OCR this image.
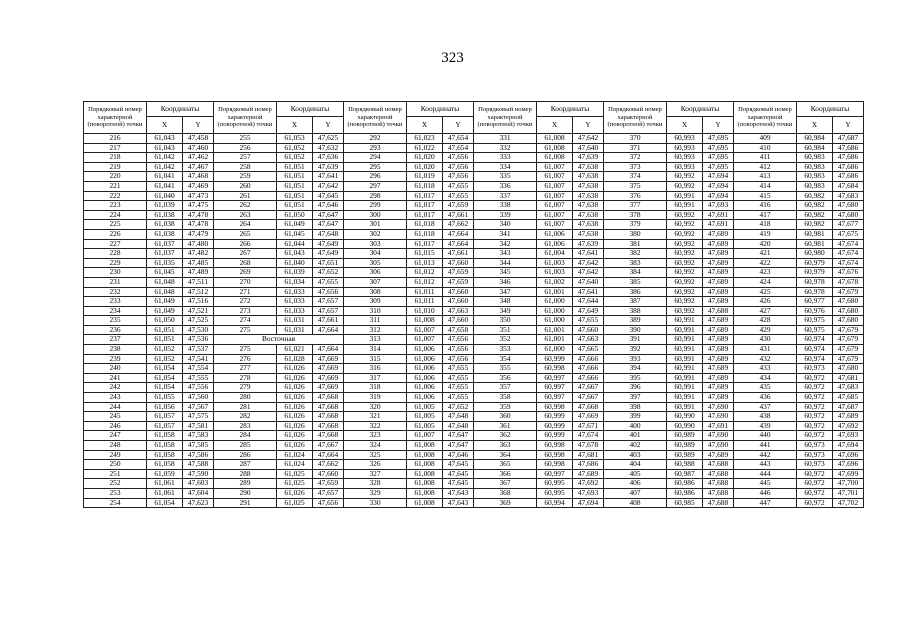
323
Порядковый номер характерной (поворотной) точки	Координаты		Порядковый номер характерной (поворотной) точки	Координаты		Порядковый номер характерной (поворотной) точки	Координаты		Порядковый номер характерной (поворотной) точки	Координаты		Порядковый номер характерной (поворотной) точки	Координаты		Порядковый номер характерной (поворотной) точки	Координаты	
	X	Y		X	Y		X	Y		X	Y		X	Y		X	Y
216	61,043	47,458	255	61,053	47,625	292	61,023	47,654	331	61,008	47,642	370	60,993	47,695	409	60,984	47,687
217	61,043	47,460	256	61,052	47,632	293	61,022	47,654	332	61,008	47,640	371	60,993	47,695	410	60,984	47,686
218	61,042	47,462	257	61,052	47,636	294	61,020	47,656	333	61,008	47,639	372	60,993	47,695	411	60,983	47,686
219	61,042	47,467	258	61,051	47,639	295	61,020	47,656	334	61,007	47,638	373	60,993	47,695	412	60,983	47,686
220	61,041	47,468	259	61,051	47,641	296	61,019	47,656	335	61,007	47,638	374	60,992	47,694	413	60,983	47,686
221	61,041	47,469	260	61,051	47,642	297	61,018	47,655	336	61,007	47,638	375	60,992	47,694	414	60,983	47,684
222	61,040	47,473	261	61,051	47,645	298	61,017	47,655	337	61,007	47,638	376	60,991	47,694	415	60,982	47,683
223	61,039	47,475	262	61,051	47,646	299	61,017	47,659	338	61,007	47,638	377	60,991	47,693	416	60,982	47,680
224	61,038	47,478	263	61,050	47,647	300	61,017	47,661	339	61,007	47,638	378	60,992	47,691	417	60,982	47,680
225	61,038	47,478	264	61,049	47,647	301	61,018	47,662	340	61,007	47,638	379	60,992	47,691	418	60,982	47,677
226	61,038	47,479	265	61,045	47,648	302	61,018	47,664	341	61,006	47,638	380	60,992	47,689	419	60,981	47,675
227	61,037	47,480	266	61,044	47,649	303	61,017	47,664	342	61,006	47,639	381	60,992	47,689	420	60,981	47,674
228	61,037	47,482	267	61,043	47,649	304	61,015	47,661	343	61,004	47,641	382	60,992	47,689	421	60,980	47,674
229	61,035	47,485	268	61,040	47,651	305	61,013	47,660	344	61,003	47,642	383	60,992	47,689	422	60,979	47,674
230	61,045	47,489	269	61,039	47,652	306	61,012	47,659	345	61,003	47,642	384	60,992	47,689	423	60,979	47,676
231	61,048	47,511	270	61,034	47,655	307	61,012	47,659	346	61,002	47,640	385	60,992	47,689	424	60,978	47,678
232	61,048	47,512	271	61,033	47,656	308	61,011	47,660	347	61,001	47,641	386	60,992	47,689	425	60,978	47,679
233	61,049	47,516	272	61,033	47,657	309	61,011	47,660	348	61,000	47,644	387	60,992	47,689	426	60,977	47,680
234	61,049	47,521	273	61,033	47,657	310	61,010	47,663	349	61,000	47,649	388	60,992	47,688	427	60,976	47,680
235	61,050	47,525	274	61,031	47,661	311	61,008	47,660	350	61,000	47,655	389	60,991	47,689	428	60,975	47,680
236	61,051	47,530	275	61,031	47,664	312	61,007	47,658	351	61,001	47,660	390	60,991	47,689	429	60,975	47,679
237	61,051	47,536	Восточная			313	61,007	47,656	352	61,001	47,663	391	60,991	47,689	430	60,974	47,679
238	61,052	47,537	275	61,021	47,664	314	61,006	47,656	353	61,000	47,665	392	60,991	47,689	431	60,974	47,679
239	61,052	47,541	276	61,028	47,669	315	61,006	47,656	354	60,999	47,666	393	60,991	47,689	432	60,974	47,679
240	61,054	47,554	277	61,026	47,669	316	61,006	47,655	355	60,998	47,666	394	60,991	47,689	433	60,973	47,680
241	61,054	47,555	278	61,026	47,669	317	61,006	47,655	356	60,997	47,666	395	60,991	47,689	434	60,972	47,681
242	61,054	47,556	279	61,026	47,669	318	61,006	47,655	357	60,997	47,667	396	60,991	47,689	435	60,972	47,683
243	61,055	47,560	280	61,026	47,668	319	61,006	47,655	358	60,997	47,667	397	60,991	47,689	436	60,972	47,685
244	61,056	47,567	281	61,026	47,668	320	61,005	47,652	359	60,998	47,668	398	60,991	47,690	437	60,972	47,687
245	61,057	47,575	282	61,026	47,668	321	61,005	47,648	360	60,999	47,669	399	60,990	47,690	438	60,972	47,689
246	61,057	47,581	283	61,026	47,668	322	61,005	47,648	361	60,999	47,671	400	60,990	47,691	439	60,972	47,692
247	61,058	47,583	284	61,026	47,668	323	61,007	47,647	362	60,999	47,674	401	60,989	47,690	440	60,972	47,693
248	61,058	47,585	285	61,026	47,667	324	61,008	47,647	363	60,998	47,678	402	60,989	47,690	441	60,973	47,694
249	61,058	47,586	286	61,024	47,664	325	61,008	47,646	364	60,998	47,681	403	60,989	47,689	442	60,973	47,696
250	61,058	47,588	287	61,024	47,662	326	61,008	47,645	365	60,998	47,686	404	60,988	47,688	443	60,973	47,696
251	61,059	47,590	288	61,025	47,660	327	61,008	47,645	366	60,997	47,689	405	60,987	47,688	444	60,972	47,699
252	61,061	47,603	289	61,025	47,659	328	61,008	47,645	367	60,995	47,692	406	60,986	47,688	445	60,972	47,700
253	61,061	47,604	290	61,026	47,657	329	61,008	47,643	368	60,995	47,693	407	60,986	47,688	446	60,972	47,701
254	61,054	47,623	291	61,025	47,656	330	61,008	47,643	369	60,994	47,694	408	60,985	47,688	447	60,972	47,702
